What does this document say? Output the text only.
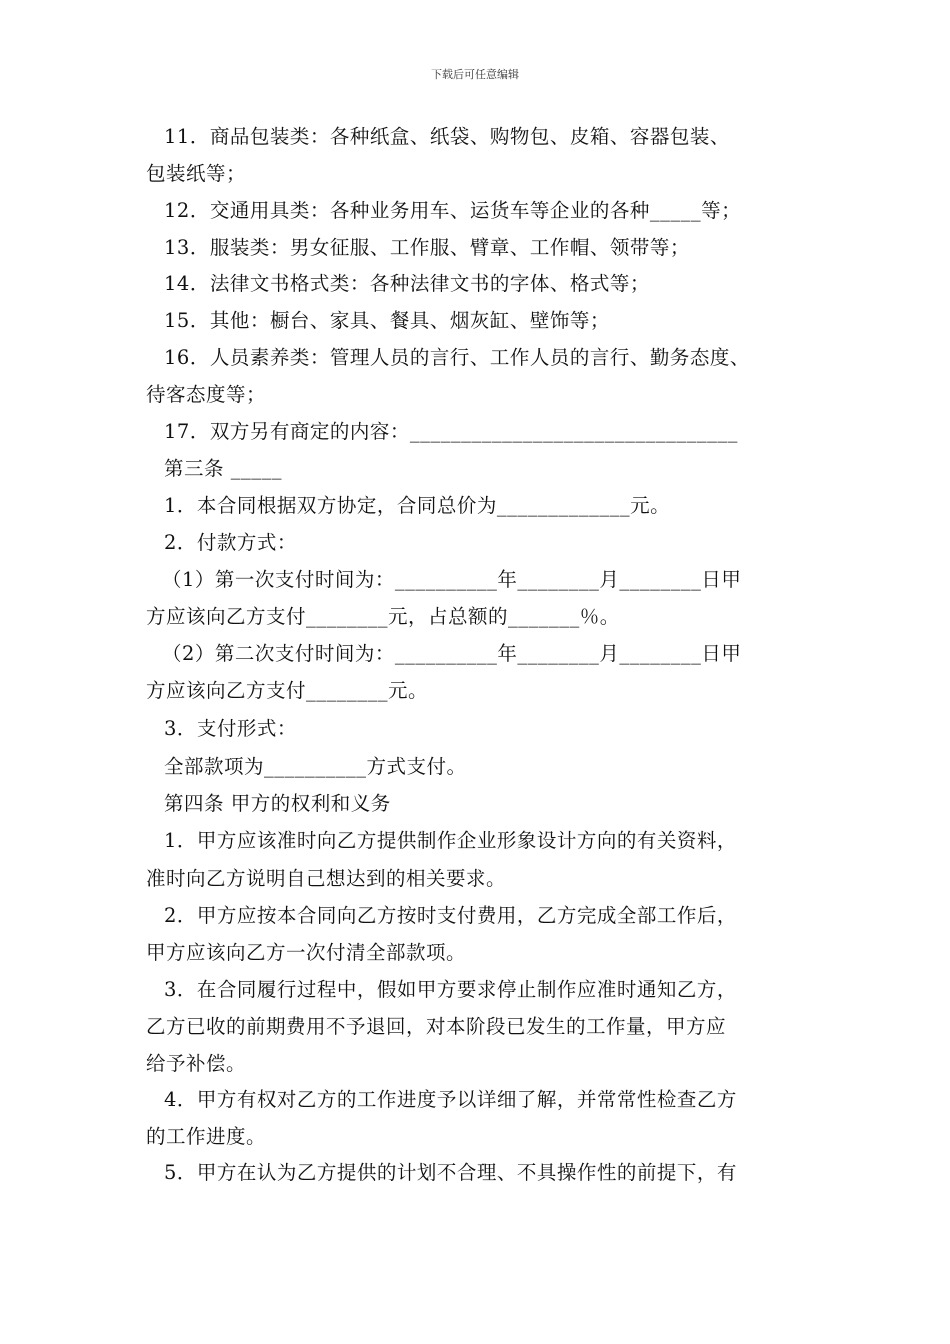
下载后可任意编辑
11．商品包装类：各种纸盒、纸袋、购物包、皮箱、容器包装、
包装纸等；
12．交通用具类：各种业务用车、运货车等企业的各种_____等；
13．服装类：男女征服、工作服、臂章、工作帽、领带等；
14．法律文书格式类：各种法律文书的字体、格式等；
15．其他：橱台、家具、餐具、烟灰缸、壁饰等；
16．人员素养类：管理人员的言行、工作人员的言行、勤务态度、
待客态度等；
17．双方另有商定的内容：________________________________
第三条 _____
1．本合同根据双方协定，合同总价为_____________元。
2．付款方式：
（1）第一次支付时间为：__________年________月________日甲
方应该向乙方支付________元，占总额的_______％。
（2）第二次支付时间为：__________年________月________日甲
方应该向乙方支付________元。
3．支付形式：
全部款项为__________方式支付。
第四条 甲方的权利和义务
1．甲方应该准时向乙方提供制作企业形象设计方向的有关资料，
准时向乙方说明自己想达到的相关要求。
2．甲方应按本合同向乙方按时支付费用，乙方完成全部工作后，
甲方应该向乙方一次付清全部款项。
3．在合同履行过程中，假如甲方要求停止制作应准时通知乙方，
乙方已收的前期费用不予退回，对本阶段已发生的工作量，甲方应
给予补偿。
4．甲方有权对乙方的工作进度予以详细了解，并常常性检查乙方
的工作进度。
5．甲方在认为乙方提供的计划不合理、不具操作性的前提下，有
